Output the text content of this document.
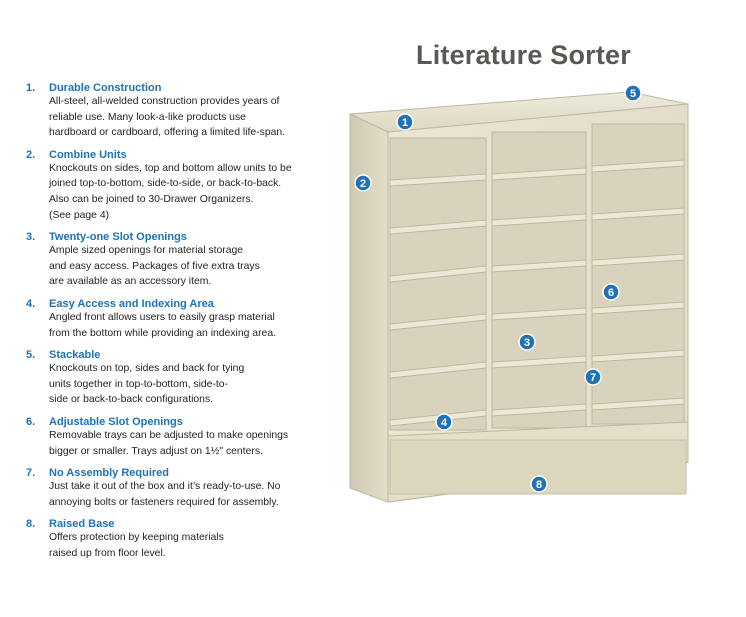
Literature Sorter
1.	Durable Construction
All-steel, all-welded construction provides years of
reliable use. Many look-a-like products use
hardboard or cardboard, offering a limited life-span.
2.	Combine Units
Knockouts on sides, top and bottom allow units to be
joined top-to-bottom, side-to-side, or back-to-back.
Also can be joined to 30-Drawer Organizers.
(See page 4)
3.	Twenty-one Slot Openings
Ample sized openings for material storage
and easy access. Packages of five extra trays
are available as an accessory item.
4.	Easy Access and Indexing Area
Angled front allows users to easily grasp material
from the bottom while providing an indexing area.
5.	Stackable
Knockouts on top, sides and back for tying
units together in top-to-bottom, side-to-
side or back-to-back configurations.
6.	Adjustable Slot Openings
Removable trays can be adjusted to make openings
bigger or smaller. Trays adjust on 1½" centers.
7.	No Assembly Required
Just take it out of the box and it’s ready-to-use. No
annoying bolts or fasteners required for assembly.
8.	Raised Base
Offers protection by keeping materials
raised up from floor level.
1
2
3
4
5
6
7
8
